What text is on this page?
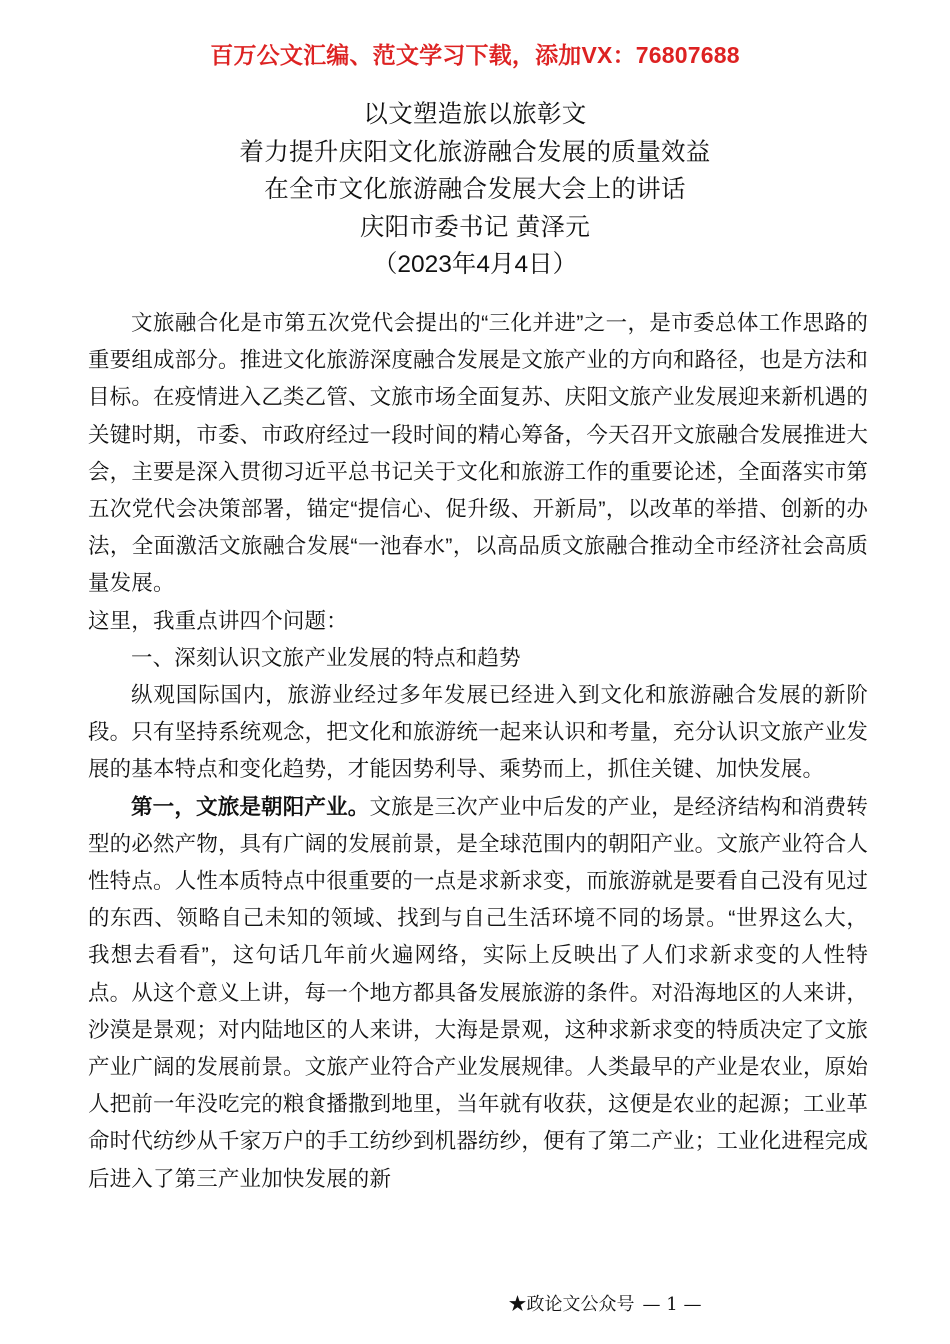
百万公文汇编、范文学习下载，添加VX：76807688
以文塑造旅以旅彰文
着力提升庆阳文化旅游融合发展的质量效益
在全市文化旅游融合发展大会上的讲话
庆阳市委书记 黄泽元
（2023年4月4日）

文旅融合化是市第五次党代会提出的“三化并进”之一，是市委总体工作思路的重要组成部分。推进文化旅游深度融合发展是文旅产业的方向和路径，也是方法和目标。在疫情进入乙类乙管、文旅市场全面复苏、庆阳文旅产业发展迎来新机遇的关键时期，市委、市政府经过一段时间的精心筹备，今天召开文旅融合发展推进大会，主要是深入贯彻习近平总书记关于文化和旅游工作的重要论述，全面落实市第五次党代会决策部署，锚定“提信心、促升级、开新局”，以改革的举措、创新的办法，全面激活文旅融合发展“一池春水”，以高品质文旅融合推动全市经济社会高质量发展。

这里，我重点讲四个问题：

一、深刻认识文旅产业发展的特点和趋势

纵观国际国内，旅游业经过多年发展已经进入到文化和旅游融合发展的新阶段。只有坚持系统观念，把文化和旅游统一起来认识和考量，充分认识文旅产业发展的基本特点和变化趋势，才能因势利导、乘势而上，抓住关键、加快发展。

第一，文旅是朝阳产业。文旅是三次产业中后发的产业，是经济结构和消费转型的必然产物，具有广阔的发展前景，是全球范围内的朝阳产业。文旅产业符合人性特点。人性本质特点中很重要的一点是求新求变，而旅游就是要看自己没有见过的东西、领略自己未知的领域、找到与自己生活环境不同的场景。“世界这么大，我想去看看”，这句话几年前火遍网络，实际上反映出了人们求新求变的人性特点。从这个意义上讲，每一个地方都具备发展旅游的条件。对沿海地区的人来讲，沙漠是景观；对内陆地区的人来讲，大海是景观，这种求新求变的特质决定了文旅产业广阔的发展前景。文旅产业符合产业发展规律。人类最早的产业是农业，原始人把前一年没吃完的粮食播撒到地里，当年就有收获，这便是农业的起源；工业革命时代纺纱从千家万户的手工纺纱到机器纺纱，便有了第二产业；工业化进程完成后进入了第三产业加快发展的新

★政论文公众号 — 1 —
